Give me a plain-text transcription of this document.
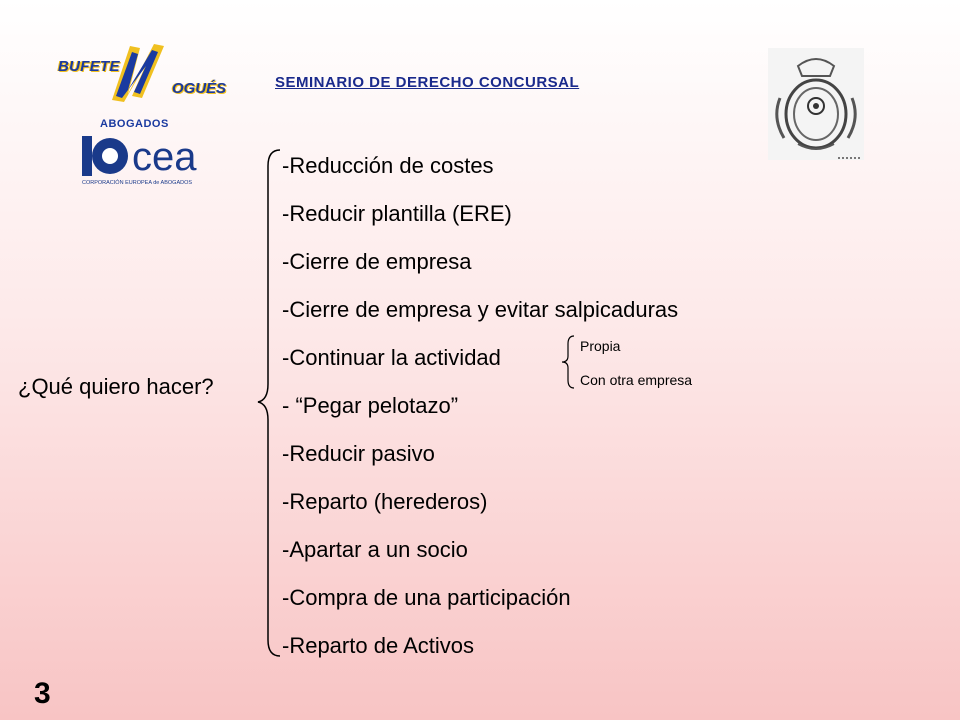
BUFETE
OGUÉS
ABOGADOS
cea
CORPORACIÓN EUROPEA de ABOGADOS
SEMINARIO DE DERECHO CONCURSAL
¿Qué quiero hacer?
-Reducción de costes
-Reducir plantilla (ERE)
-Cierre de empresa
-Cierre de empresa y evitar salpicaduras
-Continuar la actividad
- “Pegar pelotazo”
-Reducir pasivo
-Reparto (herederos)
-Apartar a un socio
-Compra de una participación
-Reparto de Activos
Propia
Con otra empresa
3
